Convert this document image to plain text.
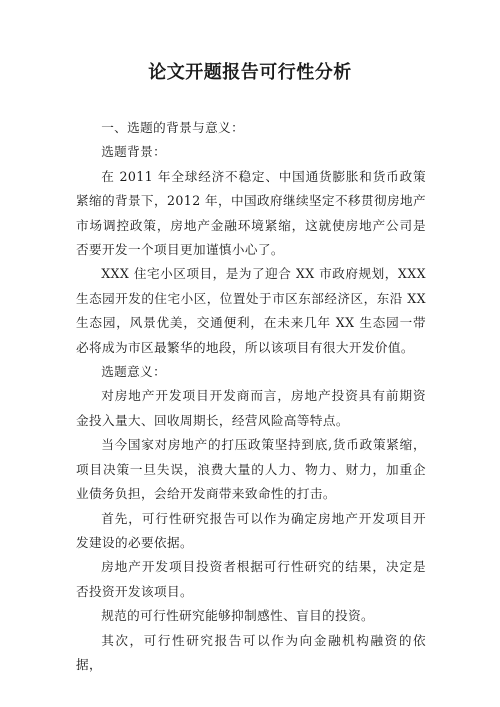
论文开题报告可行性分析

一、选题的背景与意义：

选题背景：

在 2011 年全球经济不稳定、中国通货膨胀和货币政策紧缩的背景下，2012 年，中国政府继续坚定不移贯彻房地产市场调控政策，房地产金融环境紧缩，这就使房地产公司是否要开发一个项目更加谨慎小心了。

XXX 住宅小区项目，是为了迎合 XX 市政府规划，XXX 生态园开发的住宅小区，位置处于市区东部经济区，东沿 XX 生态园，风景优美，交通便利，在未来几年 XX 生态园一带必将成为市区最繁华的地段，所以该项目有很大开发价值。

选题意义：

对房地产开发项目开发商而言，房地产投资具有前期资金投入量大、回收周期长，经营风险高等特点。

当今国家对房地产的打压政策坚持到底,货币政策紧缩，项目决策一旦失误，浪费大量的人力、物力、财力，加重企业债务负担，会给开发商带来致命性的打击。

首先，可行性研究报告可以作为确定房地产开发项目开发建设的必要依据。

房地产开发项目投资者根据可行性研究的结果，决定是否投资开发该项目。

规范的可行性研究能够抑制感性、盲目的投资。

其次，可行性研究报告可以作为向金融机构融资的依据，
